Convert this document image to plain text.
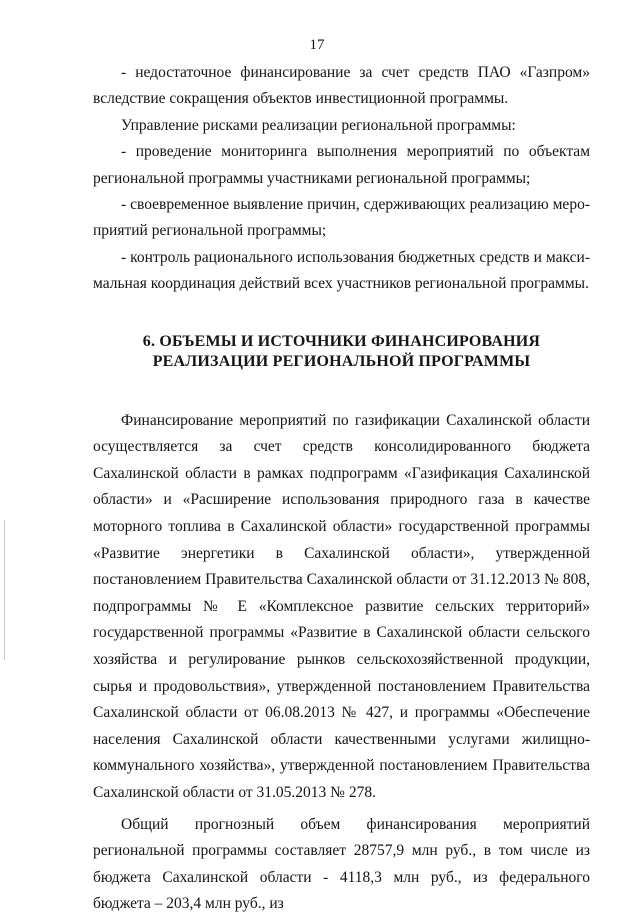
17

- недостаточное финансирование за счет средств ПАО «Газпром» вследствие сокращения объектов инвестиционной программы.

Управление рисками реализации региональной программы:

- проведение мониторинга выполнения мероприятий по объектам региональной программы участниками региональной программы;

- своевременное выявление причин, сдерживающих реализацию мероприятий региональной программы;

- контроль рационального использования бюджетных средств и максимальная координация действий всех участников региональной программы.

6. ОБЪЕМЫ И ИСТОЧНИКИ ФИНАНСИРОВАНИЯ
РЕАЛИЗАЦИИ РЕГИОНАЛЬНОЙ ПРОГРАММЫ

Финансирование мероприятий по газификации Сахалинской области осуществляется за счет средств консолидированного бюджета Сахалинской области в рамках подпрограмм «Газификация Сахалинской области» и «Расширение использования природного газа в качестве моторного топлива в Сахалинской области» государственной программы «Развитие энергетики в Сахалинской области», утвержденной постановлением Правительства Сахалинской области от 31.12.2013 № 808, подпрограммы № Е «Комплексное развитие сельских территорий» государственной программы «Развитие в Сахалинской области сельского хозяйства и регулирование рынков сельскохозяйственной продукции, сырья и продовольствия», утвержденной постановлением Правительства Сахалинской области от 06.08.2013 № 427, и программы «Обеспечение населения Сахалинской области качественными услугами жилищно-коммунального хозяйства», утвержденной постановлением Правительства Сахалинской области от 31.05.2013 № 278.

Общий прогнозный объем финансирования мероприятий региональной программы составляет 28757,9 млн руб., в том числе из бюджета Сахалинской области - 4118,3 млн руб., из федерального бюджета – 203,4 млн руб., из
